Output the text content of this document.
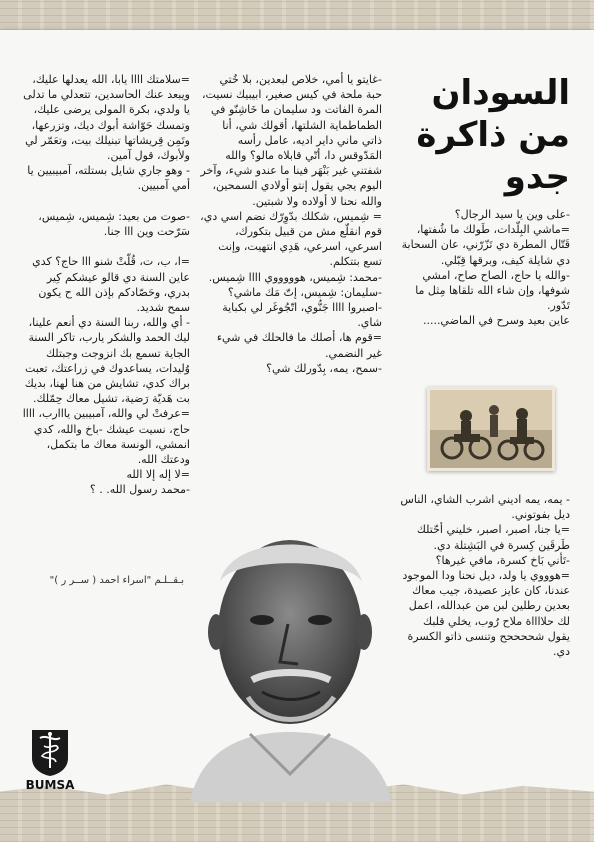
السودان من ذاكرة جدو
-على وين يا سيد الرجال؟
=ماشي البِلّدات، طَولك ما شُفتها، قَتّال المطرة دي تَزّرّني، عان السحابة دي شايلة كيف، وبرقها قِبّلي.
-والله يا حاج، الصاح صاح، امشي شوفها، وإن شاء الله تلقاها مِثل ما تَدّور.
عاين بعيد وسرح في الماضي.....
- يمه، يمه اديني اشرب الشاي، الناس ديل بفوتوني.
=يا جنا، اصبر، اصبر، خليني أحّتلك طَرقَين كِسرة في البَشِتلة دي.
-تَأني بَاخ كسرة، مافي غيرها؟
=هوووي يا ولد، ديل نحنا ودا الموجود عندنا، كان عايز عصيدة، جيب معاك بعدين رطلين لبن من عبدالله، اعمل لك حلااااة ملاح رُوب، يخلي قلبك يقول شححححح وتنسى ذاتو الكسرة دي.
-غايتو يا أمي، خلاص لبعدين، بلا خُتي حبة ملحة في كيس صغير، ابيبيك نسيت، المرة الفاتت ود سليمان ما خَاشِنّو في الطماطماية الشلتها، أقولك شي، أنا ذاتي ماني داير اديه، عامل رأسه المَدّوقس دا، أتّي قابلاه مالو؟ والله شفتني غير بَنْهَر فينا ما عندو شيء، وآخر اليوم يجي يقول إنتو أولادي السمحين، والله نحنا لا أولاده ولا شبتين.
= شِميس، شكلك بدّوِرّك نضم اسي دي، قوم انقلّع مش من قبيل بتكورك، اسرعي، اسرعي، هَدِي انتهيت، وإنت تسع بتتكلم.
-محمد: شِميس، هوووووي اااا شِميس.
-سليمان: شِميس، إتّ مَك ماشي؟
-اصبروا اااا جَنُّوي، اتّجُوغَر لي بكباية شاي.
=قوم ها، أصلك ما فالحلك في شيء غير النضمي.
-سمح، يمه، بِدّورلك شي؟
=سلامتك اااا يابا، الله يعدلها عليك، ويبعد عنك الحاسدين، تتعدلي ما تدلى يا ولدي، بكرة المولى يرضى عليك، وتمسك حَوّاشة أبوك ديك، وتزرعها، وتَمِن قِريشاتها تبنيلك بيت، وتعَمّر لي ولأبوك، قول آمين.
- وهو جاري شايل بستلته، آمبيبيين يا أمي آمبيين.

-صوت من بعيد: شِميس، شِميس، سَرّحت وين ااا جنا.

=ا، ب، ت، قُلّتْ شنو ااا حاج؟ كدي عاين السنة دي قالو عيشكم كِير بدري، وحَصّادكم بإذن الله ح يكون سمح شديد.
- أي والله، ربنا السنة دي أنعم علينا، ليك الحمد والشكر يارب، تاكر السنة الجاية تسمع بك انزوجت وجبتلك وُليدات، يساعدوك في زراعتك، تعبت براك كدي، تشايش من هنا لهنا، بديك بت هَديّة رَضية، تشيل معاك حِمّلك.
=عرفتْ لي والله، آمبيبين يااارب، اااا حاج، نسيت عيشك -باخ والله، كدي انمشي، الونسة معاك ما بتكمل، ودعتك الله.
=لا إله إلا الله
-محمد رسول الله. . ؟
بـقــلـم "اسراء احمد ( ســر ر )"
BUMSA
